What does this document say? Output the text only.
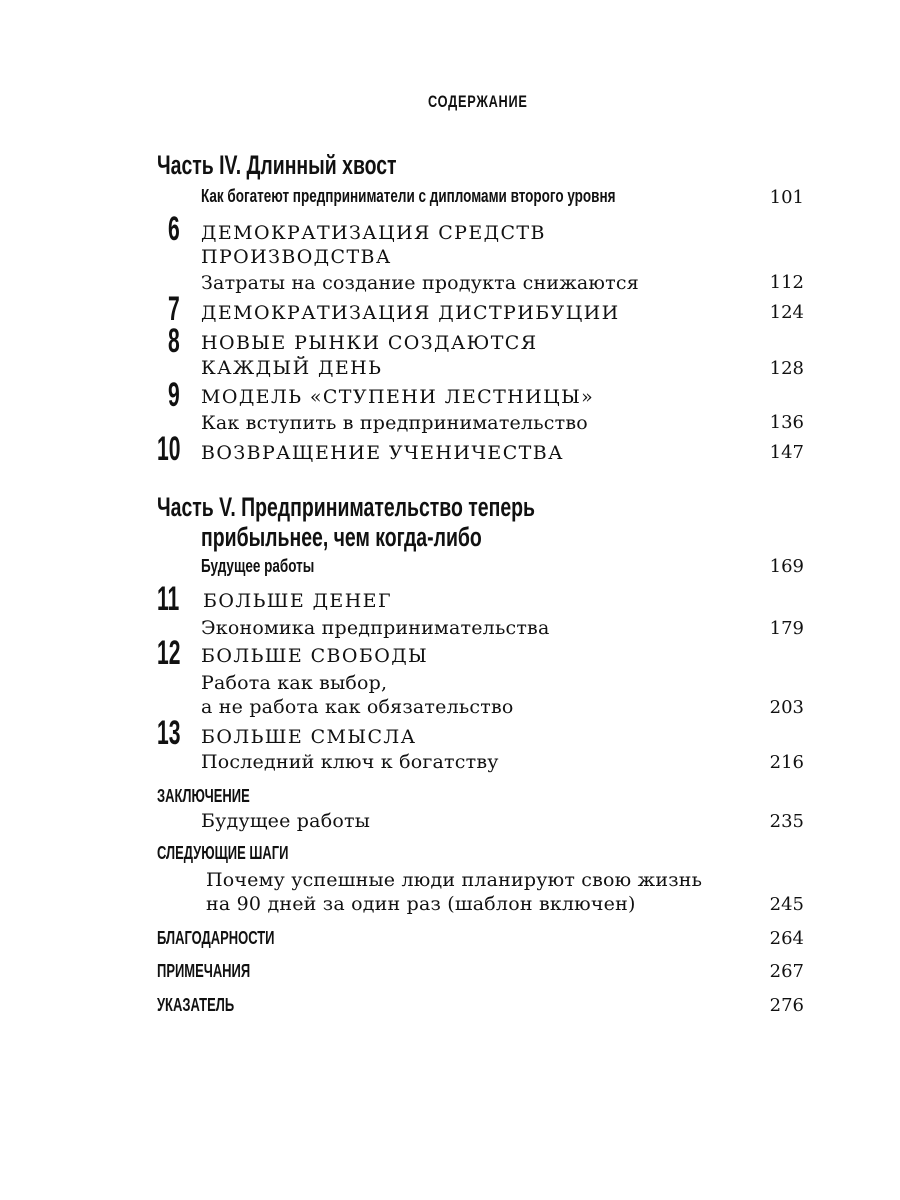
СОДЕРЖАНИЕ
Часть IV. Длинный хвост
Как богатеют предприниматели с дипломами второго уровня	101
6 ДЕМОКРАТИЗАЦИЯ СРЕДСТВ
ПРОИЗВОДСТВА
Затраты на создание продукта снижаются	112
7 ДЕМОКРАТИЗАЦИЯ ДИСТРИБУЦИИ	124
8 НОВЫЕ РЫНКИ СОЗДАЮТСЯ
КАЖДЫЙ ДЕНЬ	128
9 МОДЕЛЬ «СТУПЕНИ ЛЕСТНИЦЫ»
Как вступить в предпринимательство	136
10 ВОЗВРАЩЕНИЕ УЧЕНИЧЕСТВА	147
Часть V. Предпринимательство теперь
прибыльнее, чем когда-либо
Будущее работы	169
11 БОЛЬШЕ ДЕНЕГ
Экономика предпринимательства	179
12 БОЛЬШЕ СВОБОДЫ
Работа как выбор,
а не работа как обязательство	203
13 БОЛЬШЕ СМЫСЛА
Последний ключ к богатству	216
ЗАКЛЮЧЕНИЕ
Будущее работы	235
СЛЕДУЮЩИЕ ШАГИ
Почему успешные люди планируют свою жизнь
на 90 дней за один раз (шаблон включен)	245
БЛАГОДАРНОСТИ	264
ПРИМЕЧАНИЯ	267
УКАЗАТЕЛЬ	276
